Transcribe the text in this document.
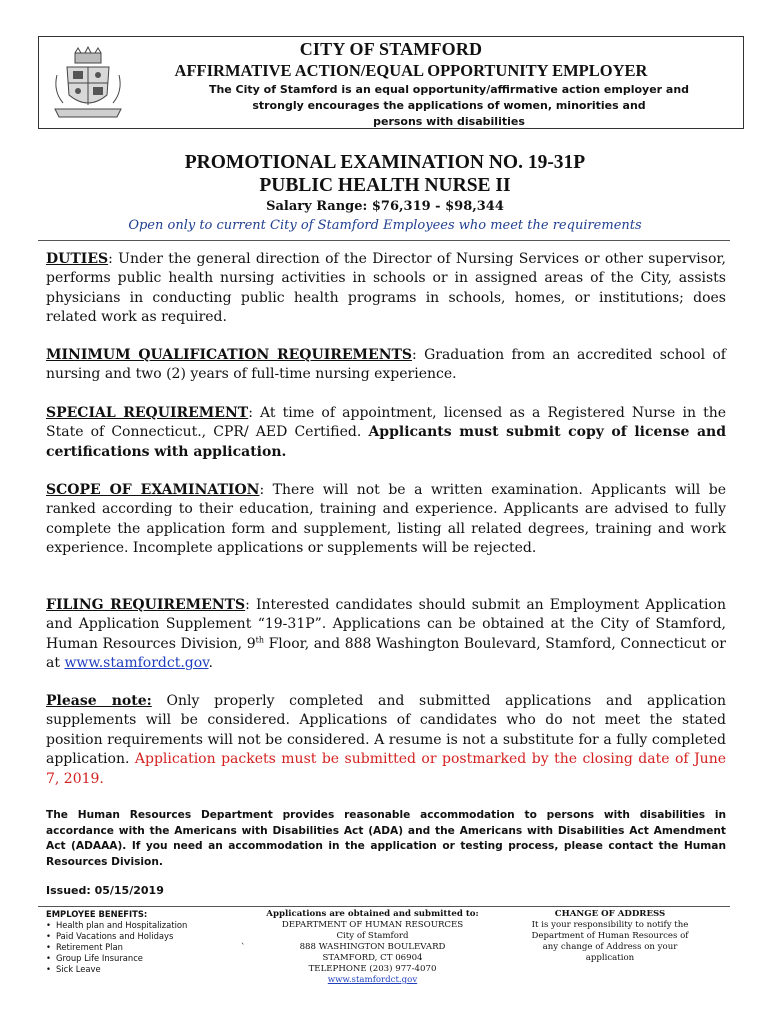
CITY OF STAMFORD
AFFIRMATIVE ACTION/EQUAL OPPORTUNITY EMPLOYER
The City of Stamford is an equal opportunity/affirmative action employer and
strongly encourages the applications of women, minorities and
persons with disabilities
PROMOTIONAL EXAMINATION NO. 19-31P
PUBLIC HEALTH NURSE II
Salary Range: $76,319 - $98,344
Open only to current City of Stamford Employees who meet the requirements
DUTIES: Under the general direction of the Director of Nursing Services or other supervisor, performs public health nursing activities in schools or in assigned areas of the City, assists physicians in conducting public health programs in schools, homes, or institutions; does related work as required.
MINIMUM QUALIFICATION REQUIREMENTS: Graduation from an accredited school of nursing and two (2) years of full-time nursing experience.
SPECIAL REQUIREMENT: At time of appointment, licensed as a Registered Nurse in the State of Connecticut., CPR/ AED Certified. Applicants must submit copy of license and certifications with application.
SCOPE OF EXAMINATION: There will not be a written examination. Applicants will be ranked according to their education, training and experience. Applicants are advised to fully complete the application form and supplement, listing all related degrees, training and work experience. Incomplete applications or supplements will be rejected.
FILING REQUIREMENTS: Interested candidates should submit an Employment Application and Application Supplement “19-31P”. Applications can be obtained at the City of Stamford, Human Resources Division, 9th Floor, and 888 Washington Boulevard, Stamford, Connecticut or at www.stamfordct.gov.
Please note: Only properly completed and submitted applications and application supplements will be considered. Applications of candidates who do not meet the stated position requirements will not be considered. A resume is not a substitute for a fully completed application. Application packets must be submitted or postmarked by the closing date of June 7, 2019.
The Human Resources Department provides reasonable accommodation to persons with disabilities in accordance with the Americans with Disabilities Act (ADA) and the Americans with Disabilities Act Amendment Act (ADAAA). If you need an accommodation in the application or testing process, please contact the Human Resources Division.
Issued: 05/15/2019
EMPLOYEE BENEFITS:
• Health plan and Hospitalization
• Paid Vacations and Holidays
• Retirement Plan	`
• Group Life Insurance
• Sick Leave
Applications are obtained and submitted to:
DEPARTMENT OF HUMAN RESOURCES
City of Stamford
888 WASHINGTON BOULEVARD
STAMFORD, CT 06904
TELEPHONE (203) 977-4070
www.stamfordct.gov
CHANGE OF ADDRESS
It is your responsibility to notify the
Department of Human Resources of
any change of Address on your
application
